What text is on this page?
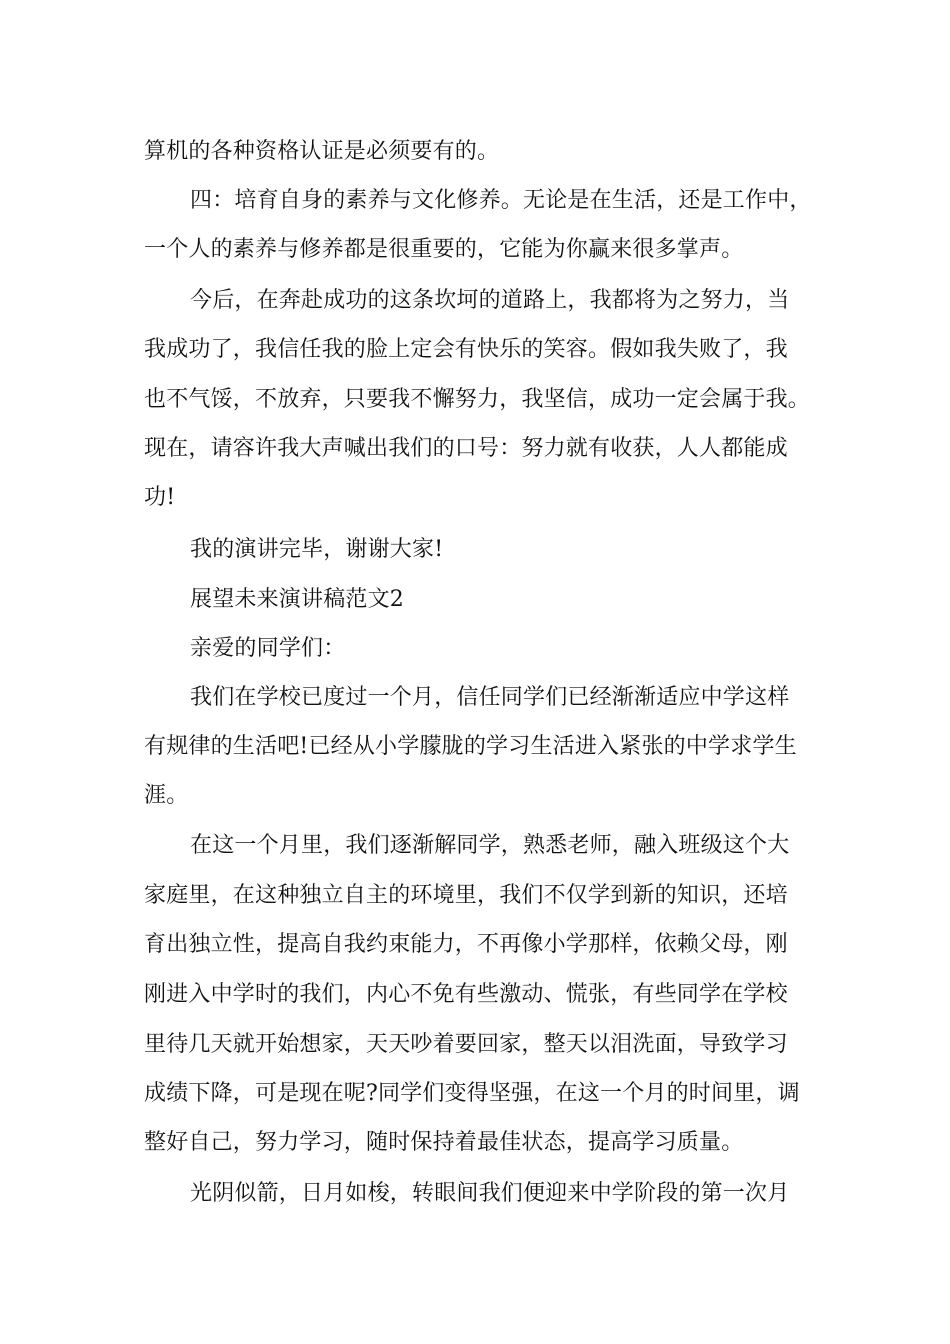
算机的各种资格认证是必须要有的。
四：培育自身的素养与文化修养。无论是在生活，还是工作中，
一个人的素养与修养都是很重要的，它能为你赢来很多掌声。
今后，在奔赴成功的这条坎坷的道路上，我都将为之努力，当
我成功了，我信任我的脸上定会有快乐的笑容。假如我失败了，我
也不气馁，不放弃，只要我不懈努力，我坚信，成功一定会属于我。
现在，请容许我大声喊出我们的口号：努力就有收获，人人都能成
功!
我的演讲完毕，谢谢大家!
展望未来演讲稿范文2
亲爱的同学们：
我们在学校已度过一个月，信任同学们已经渐渐适应中学这样
有规律的生活吧!已经从小学朦胧的学习生活进入紧张的中学求学生
涯。
在这一个月里，我们逐渐解同学，熟悉老师，融入班级这个大
家庭里，在这种独立自主的环境里，我们不仅学到新的知识，还培
育出独立性，提高自我约束能力，不再像小学那样，依赖父母，刚
刚进入中学时的我们，内心不免有些激动、慌张，有些同学在学校
里待几天就开始想家，天天吵着要回家，整天以泪洗面，导致学习
成绩下降，可是现在呢?同学们变得坚强，在这一个月的时间里，调
整好自己，努力学习，随时保持着最佳状态，提高学习质量。
光阴似箭，日月如梭，转眼间我们便迎来中学阶段的第一次月
